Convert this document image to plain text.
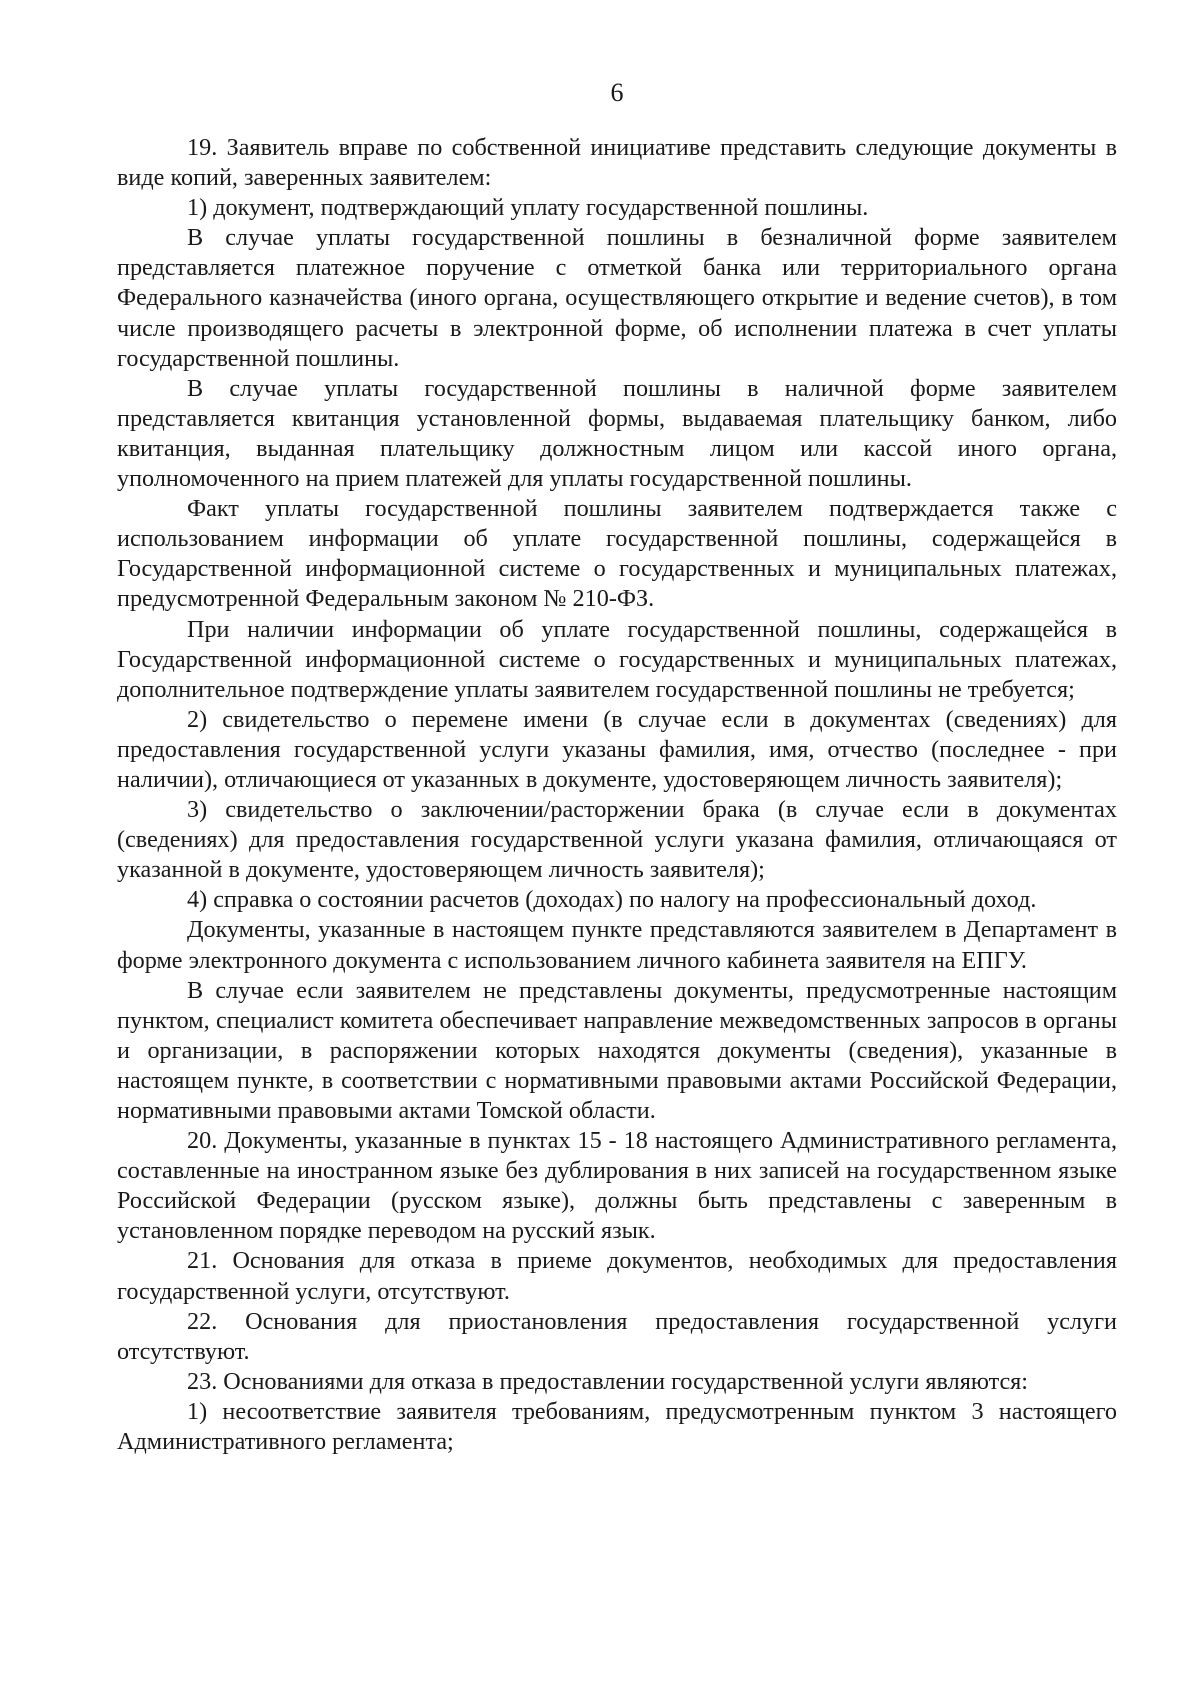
6

19. Заявитель вправе по собственной инициативе представить следующие документы в виде копий, заверенных заявителем:

1) документ, подтверждающий уплату государственной пошлины.

В случае уплаты государственной пошлины в безналичной форме заявителем представляется платежное поручение с отметкой банка или территориального органа Федерального казначейства (иного органа, осуществляющего открытие и ведение счетов), в том числе производящего расчеты в электронной форме, об исполнении платежа в счет уплаты государственной пошлины.

В случае уплаты государственной пошлины в наличной форме заявителем представляется квитанция установленной формы, выдаваемая плательщику банком, либо квитанция, выданная плательщику должностным лицом или кассой иного органа, уполномоченного на прием платежей для уплаты государственной пошлины.

Факт уплаты государственной пошлины заявителем подтверждается также с использованием информации об уплате государственной пошлины, содержащейся в Государственной информационной системе о государственных и муниципальных платежах, предусмотренной Федеральным законом № 210-ФЗ.

При наличии информации об уплате государственной пошлины, содержащейся в Государственной информационной системе о государственных и муниципальных платежах, дополнительное подтверждение уплаты заявителем государственной пошлины не требуется;

2) свидетельство о перемене имени (в случае если в документах (сведениях) для предоставления государственной услуги указаны фамилия, имя, отчество (последнее - при наличии), отличающиеся от указанных в документе, удостоверяющем личность заявителя);

3) свидетельство о заключении/расторжении брака (в случае если в документах (сведениях) для предоставления государственной услуги указана фамилия, отличающаяся от указанной в документе, удостоверяющем личность заявителя);

4) справка о состоянии расчетов (доходах) по налогу на профессиональный доход.

Документы, указанные в настоящем пункте представляются заявителем в Департамент в форме электронного документа с использованием личного кабинета заявителя на ЕПГУ.

В случае если заявителем не представлены документы, предусмотренные настоящим пунктом, специалист комитета обеспечивает направление межведомственных запросов в органы и организации, в распоряжении которых находятся документы (сведения), указанные в настоящем пункте, в соответствии с нормативными правовыми актами Российской Федерации, нормативными правовыми актами Томской области.

20. Документы, указанные в пунктах 15 - 18 настоящего Административного регламента, составленные на иностранном языке без дублирования в них записей на государственном языке Российской Федерации (русском языке), должны быть представлены с заверенным в установленном порядке переводом на русский язык.

21. Основания для отказа в приеме документов, необходимых для предоставления государственной услуги, отсутствуют.

22. Основания для приостановления предоставления государственной услуги отсутствуют.

23. Основаниями для отказа в предоставлении государственной услуги являются:

1) несоответствие заявителя требованиям, предусмотренным пунктом 3 настоящего Административного регламента;
